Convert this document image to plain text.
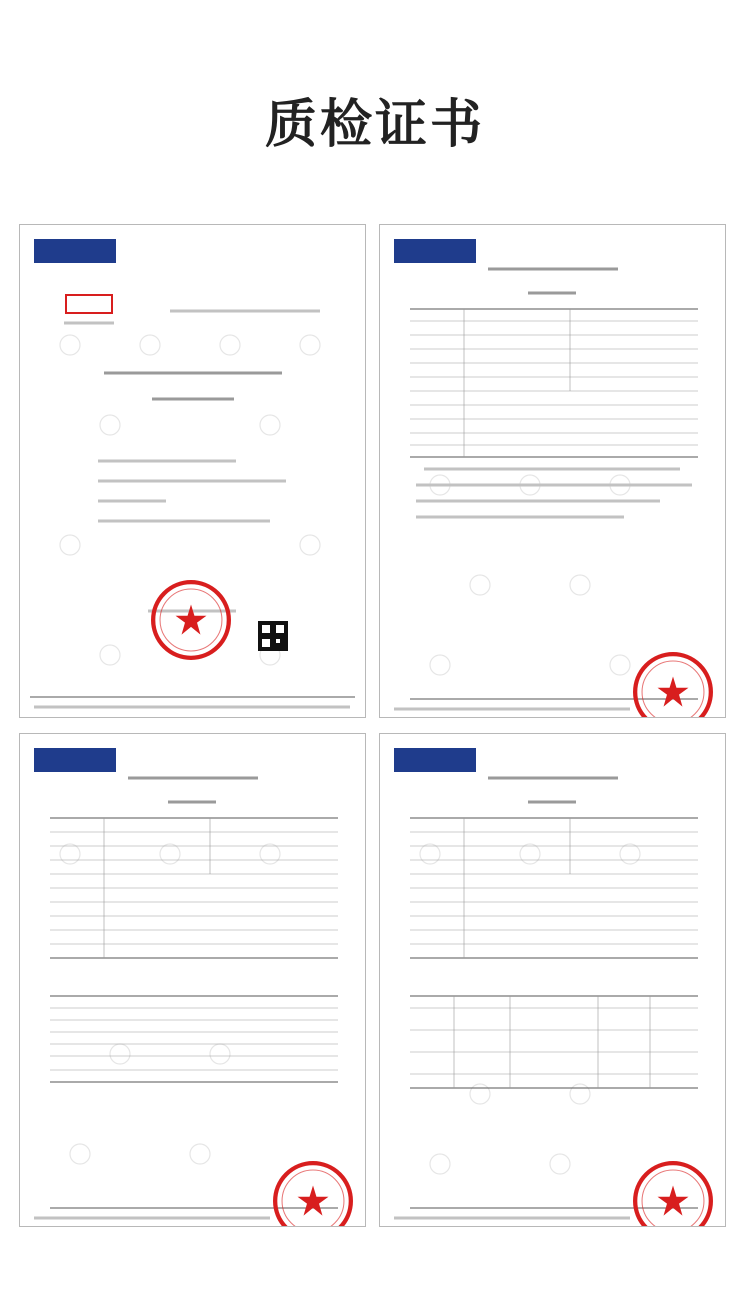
质检证书
